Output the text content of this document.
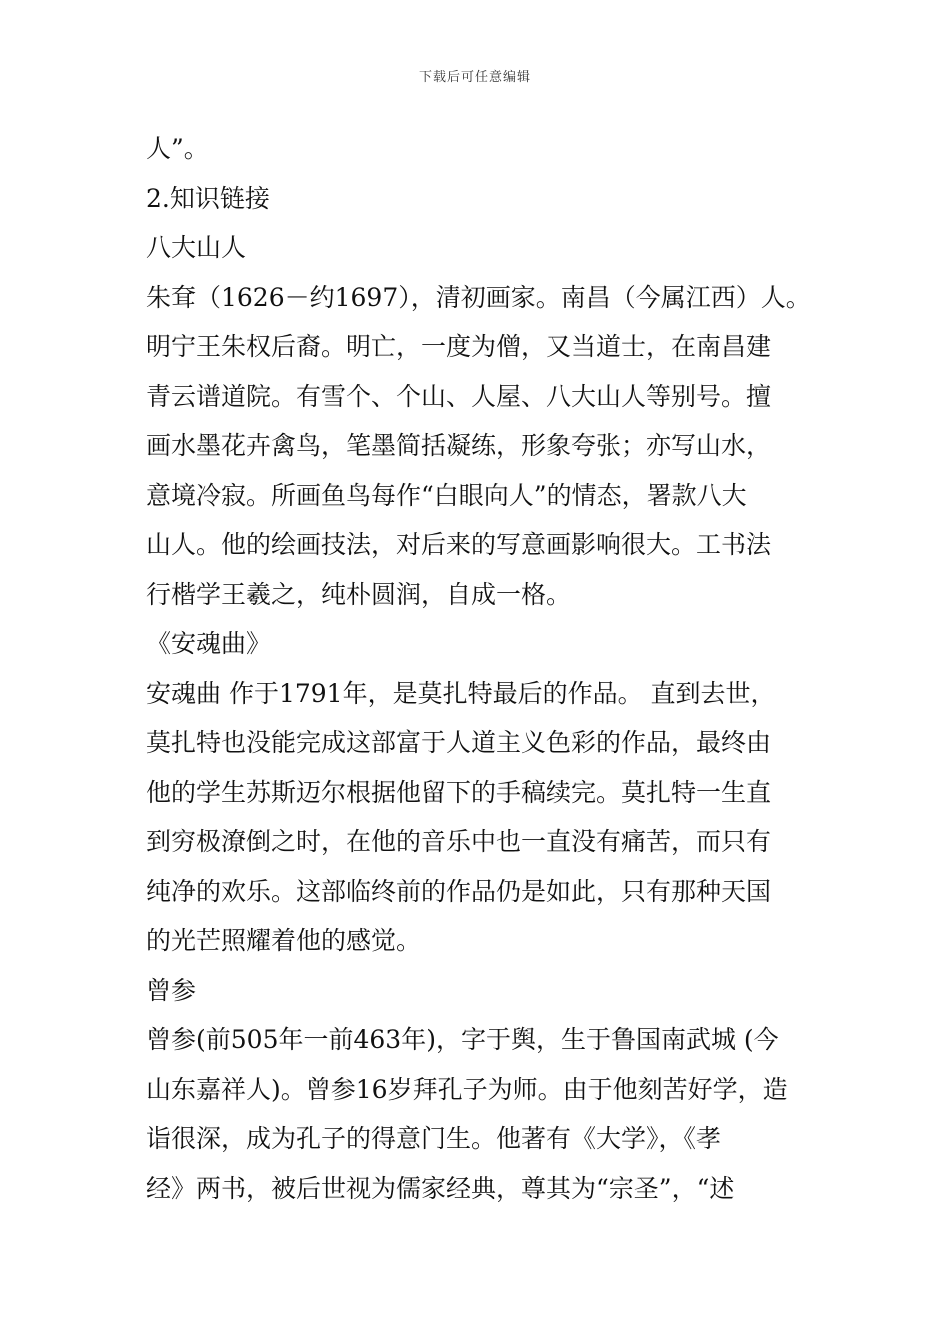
下载后可任意编辑
人”。
2.知识链接
八大山人
朱耷（1626－约1697），清初画家。南昌（今属江西）人。
明宁王朱权后裔。明亡，一度为僧，又当道士，在南昌建
青云谱道院。有雪个、个山、人屋、八大山人等别号。擅
画水墨花卉禽鸟，笔墨简括凝练，形象夸张；亦写山水，
意境冷寂。所画鱼鸟每作“白眼向人”的情态，署款八大
山人。他的绘画技法，对后来的写意画影响很大。工书法
行楷学王羲之，纯朴圆润，自成一格。
《安魂曲》
安魂曲 作于1791年，是莫扎特最后的作品。 直到去世，
莫扎特也没能完成这部富于人道主义色彩的作品，最终由
他的学生苏斯迈尔根据他留下的手稿续完。莫扎特一生直
到穷极潦倒之时，在他的音乐中也一直没有痛苦，而只有
纯净的欢乐。这部临终前的作品仍是如此，只有那种天国
的光芒照耀着他的感觉。
曾参
曾参(前505年一前463年)，字于舆，生于鲁国南武城 (今
山东嘉祥人)。曾参16岁拜孔子为师。由于他刻苦好学，造
诣很深，成为孔子的得意门生。他著有《大学》，《孝
经》两书，被后世视为儒家经典，尊其为“宗圣”，“述
